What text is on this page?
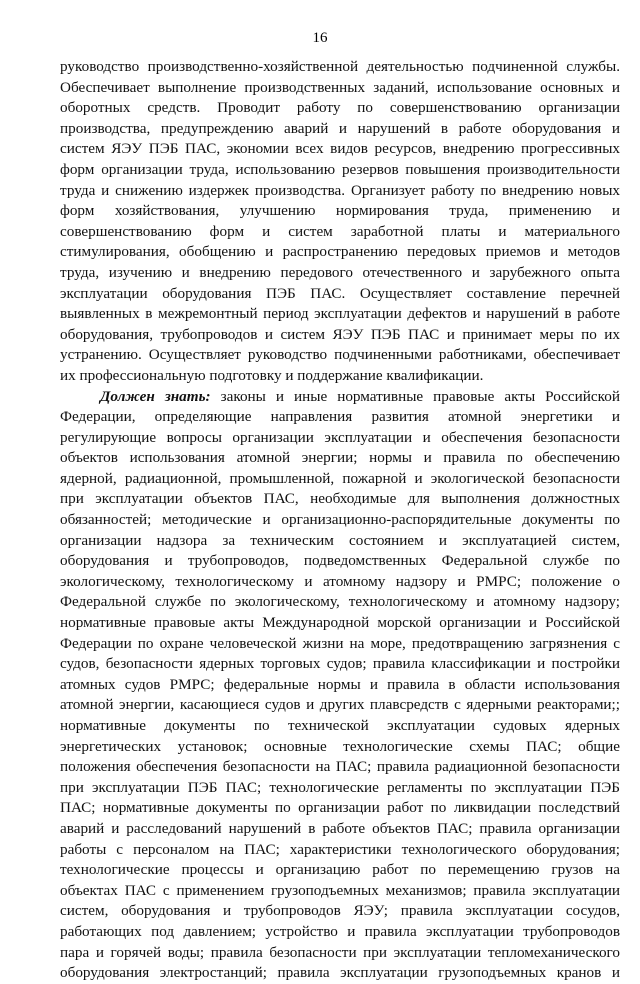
16
руководство производственно-хозяйственной деятельностью подчиненной службы.
Обеспечивает выполнение производственных заданий, использование основных и
оборотных средств. Проводит работу по совершенствованию организации
производства, предупреждению аварий и нарушений в работе оборудования и
систем ЯЭУ ПЭБ ПАС, экономии всех видов ресурсов, внедрению прогрессивных
форм организации труда, использованию резервов повышения производительности
труда и снижению издержек производства. Организует работу по внедрению новых
форм хозяйствования, улучшению нормирования труда, применению и
совершенствованию форм и систем заработной платы и материального
стимулирования, обобщению и распространению передовых приемов и методов
труда, изучению и внедрению передового отечественного и зарубежного опыта
эксплуатации оборудования ПЭБ ПАС. Осуществляет составление перечней
выявленных в межремонтный период эксплуатации дефектов и нарушений в работе
оборудования, трубопроводов и систем ЯЭУ ПЭБ ПАС и принимает меры по их
устранению. Осуществляет руководство подчиненными работниками, обеспечивает
их профессиональную подготовку и поддержание квалификации.
Должен знать: законы и иные нормативные правовые акты Российской
Федерации, определяющие направления развития атомной энергетики и
регулирующие вопросы организации эксплуатации и обеспечения безопасности
объектов использования атомной энергии; нормы и правила по обеспечению
ядерной, радиационной, промышленной, пожарной и экологической безопасности
при эксплуатации объектов ПАС, необходимые для выполнения должностных
обязанностей; методические и организационно-распорядительные документы по
организации надзора за техническим состоянием и эксплуатацией систем,
оборудования и трубопроводов, подведомственных Федеральной службе по
экологическому, технологическому и атомному надзору и РМРС; положение о
Федеральной службе по экологическому, технологическому и атомному надзору;
нормативные правовые акты Международной морской организации и Российской
Федерации по охране человеческой жизни на море, предотвращению загрязнения с
судов, безопасности ядерных торговых судов; правила классификации и постройки
атомных судов РМРС; федеральные нормы и правила в области использования
атомной энергии, касающиеся судов и других плавсредств с ядерными реакторами;;
нормативные документы по технической эксплуатации судовых ядерных
энергетических установок; основные технологические схемы ПАС; общие
положения обеспечения безопасности на ПАС; правила радиационной безопасности
при эксплуатации ПЭБ ПАС; технологические регламенты по эксплуатации ПЭБ
ПАС; нормативные документы по организации работ по ликвидации последствий
аварий и расследований нарушений в работе объектов ПАС; правила организации
работы с персоналом на ПАС; характеристики технологического оборудования;
технологические процессы и организацию работ по перемещению грузов на
объектах ПАС с применением грузоподъемных механизмов; правила эксплуатации
систем, оборудования и трубопроводов ЯЭУ; правила эксплуатации сосудов,
работающих под давлением; устройство и правила эксплуатации трубопроводов
пара и горячей воды; правила безопасности при эксплуатации тепломеханического
оборудования электростанций; правила эксплуатации грузоподъемных кранов и
